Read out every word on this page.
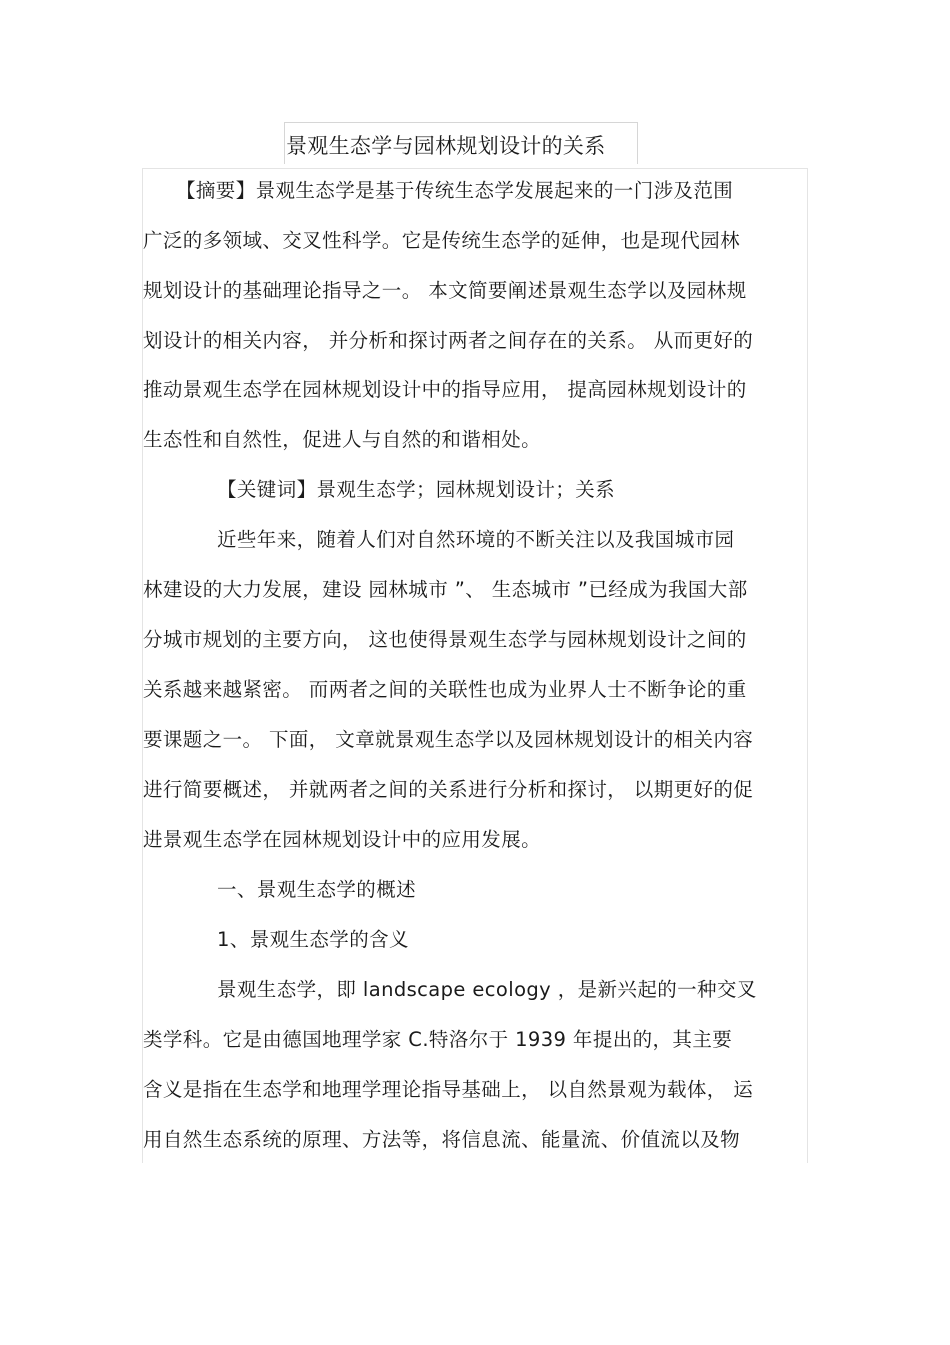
景观生态学与园林规划设计的关系
【摘要】景观生态学是基于传统生态学发展起来的一门涉及范围
广泛的多领域、交叉性科学。它是传统生态学的延伸，也是现代园林
规划设计的基础理论指导之一。 本文简要阐述景观生态学以及园林规
划设计的相关内容， 并分析和探讨两者之间存在的关系。 从而更好的
推动景观生态学在园林规划设计中的指导应用， 提高园林规划设计的
生态性和自然性，促进人与自然的和谐相处。
【关键词】景观生态学；园林规划设计；关系
近些年来，随着人们对自然环境的不断关注以及我国城市园
林建设的大力发展，建设 园林城市 ”、 生态城市 ”已经成为我国大部
分城市规划的主要方向， 这也使得景观生态学与园林规划设计之间的
关系越来越紧密。 而两者之间的关联性也成为业界人士不断争论的重
要课题之一。 下面， 文章就景观生态学以及园林规划设计的相关内容
进行简要概述， 并就两者之间的关系进行分析和探讨， 以期更好的促
进景观生态学在园林规划设计中的应用发展。
一、景观生态学的概述
1、景观生态学的含义
景观生态学，即 landscape ecology ，是新兴起的一种交叉
类学科。它是由德国地理学家 C.特洛尔于 1939 年提出的，其主要
含义是指在生态学和地理学理论指导基础上， 以自然景观为载体， 运
用自然生态系统的原理、方法等，将信息流、能量流、价值流以及物
